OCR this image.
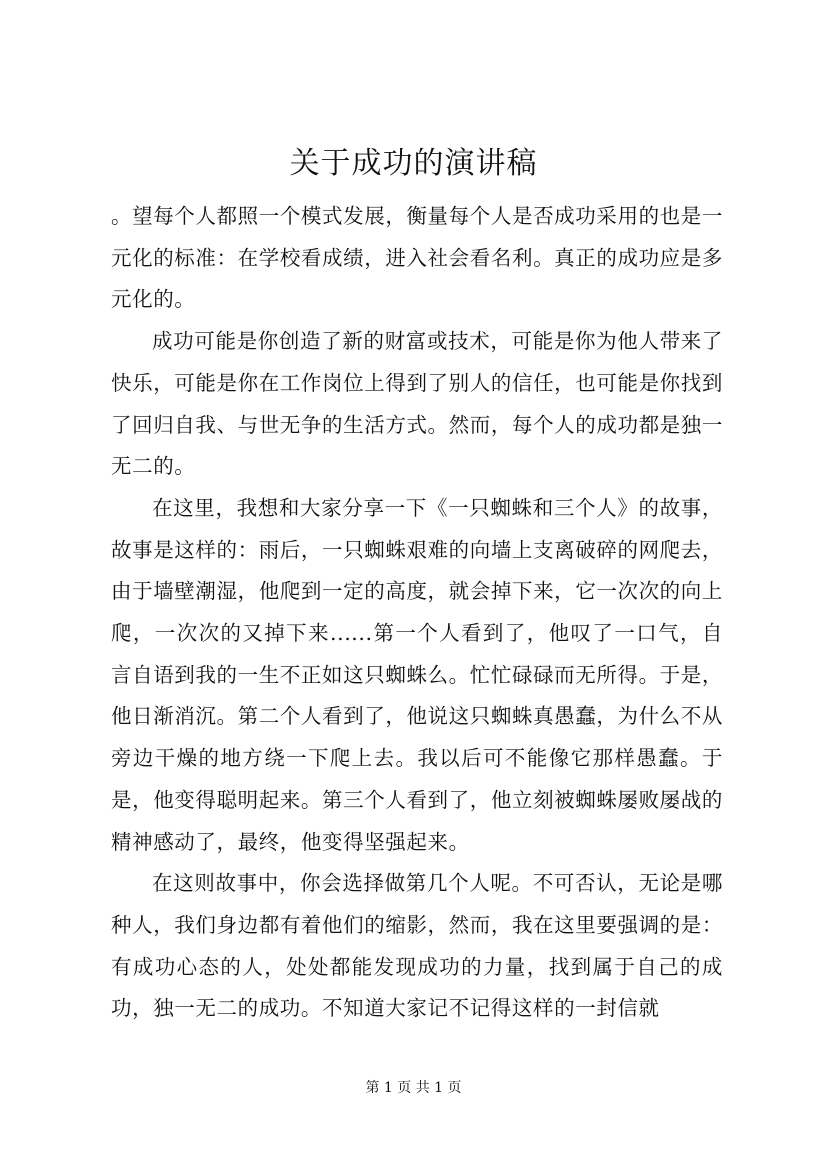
关于成功的演讲稿

。望每个人都照一个模式发展，衡量每个人是否成功采用的也是一元化的标准：在学校看成绩，进入社会看名利。真正的成功应是多元化的。

成功可能是你创造了新的财富或技术，可能是你为他人带来了快乐，可能是你在工作岗位上得到了别人的信任，也可能是你找到了回归自我、与世无争的生活方式。然而，每个人的成功都是独一无二的。

在这里，我想和大家分享一下《一只蜘蛛和三个人》的故事，故事是这样的：雨后，一只蜘蛛艰难的向墙上支离破碎的网爬去，由于墙壁潮湿，他爬到一定的高度，就会掉下来，它一次次的向上爬，一次次的又掉下来......第一个人看到了，他叹了一口气，自言自语到我的一生不正如这只蜘蛛么。忙忙碌碌而无所得。于是，他日渐消沉。第二个人看到了，他说这只蜘蛛真愚蠢，为什么不从旁边干燥的地方绕一下爬上去。我以后可不能像它那样愚蠢。于是，他变得聪明起来。第三个人看到了，他立刻被蜘蛛屡败屡战的精神感动了，最终，他变得坚强起来。

在这则故事中，你会选择做第几个人呢。不可否认，无论是哪种人，我们身边都有着他们的缩影，然而，我在这里要强调的是：有成功心态的人，处处都能发现成功的力量，找到属于自己的成功，独一无二的成功。不知道大家记不记得这样的一封信就

第 1 页 共 1 页
